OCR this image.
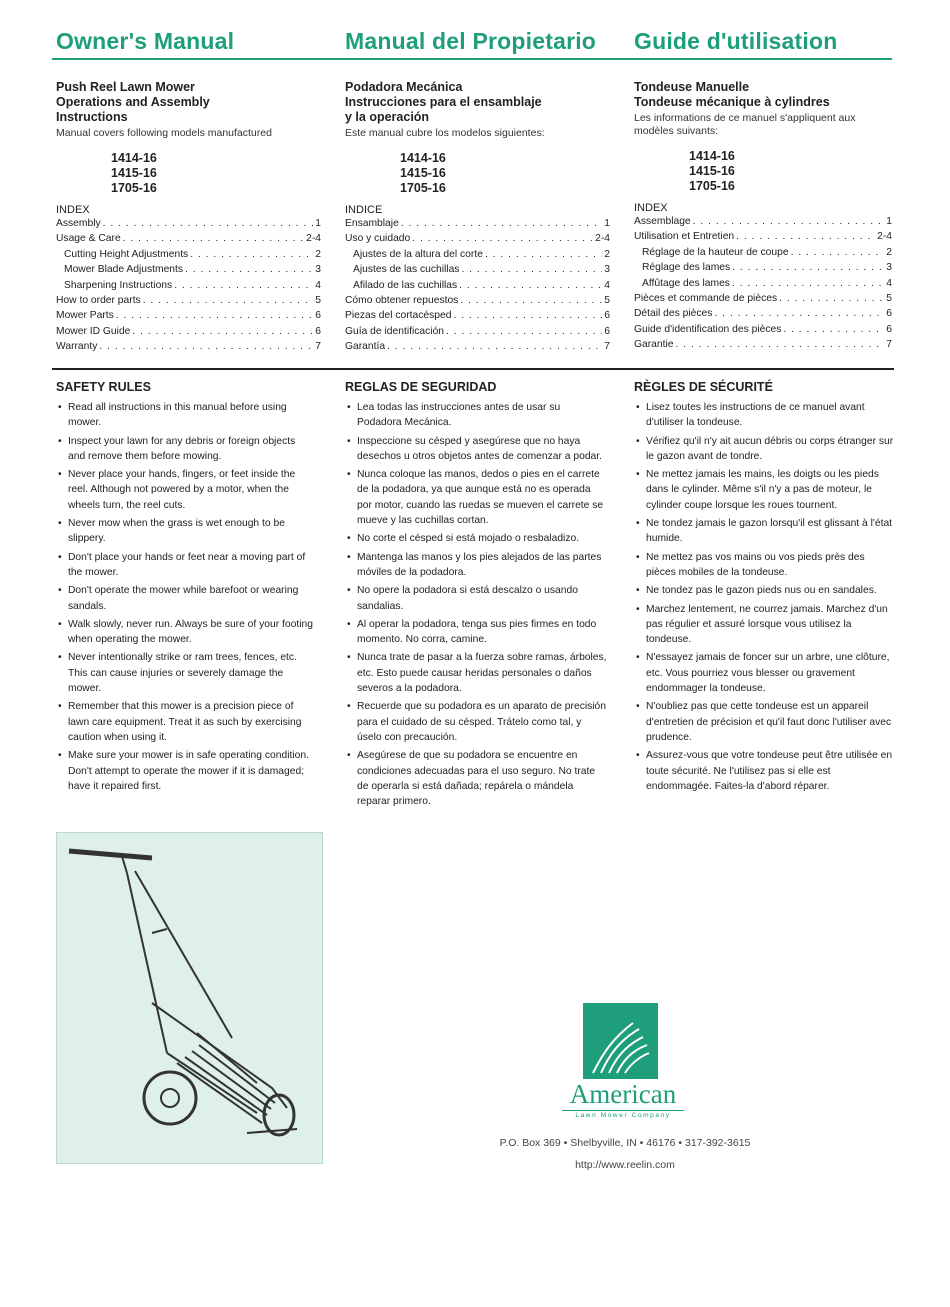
Owner's Manual	Manual del Propietario Guide d'utilisation
Push Reel Lawn Mower
Operations and Assembly
Instructions
Manual covers following models manufactured
1414-16
1415-16
1705-16
INDEX
Assembly . . .	1
Usage & Care . . .	2-4
Cutting Height Adjustments . . .	2
Mower Blade Adjustments . . .	3
Sharpening Instructions . . .	4
How to order parts . . .	5
Mower Parts . . .	6
Mower ID Guide . . .	6
Warranty . . .	7
Podadora Mecánica
Instrucciones para el ensamblaje
y la operación
Este manual cubre los modelos siguientes:
1414-16
1415-16
1705-16
INDICE
Ensamblaje . . .	1
Uso y cuidado . . .	2-4
Ajustes de la altura del corte . . .	2
Ajustes de las cuchillas . . .	3
Afilado de las cuchillas . . .	4
Cómo obtener repuestos . . .	5
Piezas del cortacésped . . .	6
Guía de identificación . . .	6
Garantía . . .	7
Tondeuse Manuelle
Tondeuse mécanique à cylindres
Les informations de ce manuel s'appliquent aux modèles suivants:
1414-16
1415-16
1705-16
INDEX
Assemblage . . .	1
Utilisation et Entretien . . .	2-4
Réglage de la hauteur de coupe . . .	2
Réglage des lames . . .	3
Affûtage des lames . . .	4
Pièces et commande de pièces . . .	5
Détail des pièces . . .	6
Guide d'identification des pièces . . .	6
Garantie . . .	7
SAFETY RULES
• Read all instructions in this manual before using mower.
• Inspect your lawn for any debris or foreign objects and remove them before mowing.
• Never place your hands, fingers, or feet inside the reel. Although not powered by a motor, when the wheels turn, the reel cuts.
• Never mow when the grass is wet enough to be slippery.
• Don't place your hands or feet near a moving part of the mower.
• Don't operate the mower while barefoot or wearing sandals.
• Walk slowly, never run. Always be sure of your footing when operating the mower.
• Never intentionally strike or ram trees, fences, etc. This can cause injuries or severely damage the mower.
• Remember that this mower is a precision piece of lawn care equipment. Treat it as such by exercising caution when using it.
• Make sure your mower is in safe operating condition. Don't attempt to operate the mower if it is damaged; have it repaired first.
REGLAS DE SEGURIDAD
• Lea todas las instrucciones antes de usar su Podadora Mecánica.
• Inspeccione su césped y asegúrese que no haya desechos u otros objetos antes de comenzar a podar.
• Nunca coloque las manos, dedos o pies en el carrete de la podadora, ya que aunque está no es operada por motor, cuando las ruedas se mueven el carrete se mueve y las cuchillas cortan.
• No corte el césped si está mojado o resbaladizo.
• Mantenga las manos y los pies alejados de las partes móviles de la podadora.
• No opere la podadora si está descalzo o usando sandalias.
• Al operar la podadora, tenga sus pies firmes en todo momento. No corra, camine.
• Nunca trate de pasar a la fuerza sobre ramas, árboles, etc. Esto puede causar heridas personales o daños severos a la podadora.
• Recuerde que su podadora es un aparato de precisión para el cuidado de su césped. Trátelo como tal, y úselo con precaución.
• Asegúrese de que su podadora se encuentre en condiciones adecuadas para el uso seguro. No trate de operarla si está dañada; repárela o mándela reparar primero.
RÈGLES DE SÉCURITÉ
• Lisez toutes les instructions de ce manuel avant d'utiliser la tondeuse.
• Vérifiez qu'il n'y ait aucun débris ou corps étranger sur le gazon avant de tondre.
• Ne mettez jamais les mains, les doigts ou les pieds dans le cylinder. Même s'il n'y a pas de moteur, le cylinder coupe lorsque les roues tournent.
• Ne tondez jamais le gazon lorsqu'il est glissant à l'état humide.
• Ne mettez pas vos mains ou vos pieds près des pièces mobiles de la tondeuse.
• Ne tondez pas le gazon pieds nus ou en sandales.
• Marchez lentement, ne courrez jamais. Marchez d'un pas régulier et assuré lorsque vous utilisez la tondeuse.
• N'essayez jamais de foncer sur un arbre, une clôture, etc. Vous pourriez vous blesser ou gravement endommager la tondeuse.
• N'oubliez pas que cette tondeuse est un appareil d'entretien de précision et qu'il faut donc l'utiliser avec prudence.
• Assurez-vous que votre tondeuse peut être utilisée en toute sécurité. Ne l'utilisez pas si elle est endommagée. Faites-la d'abord réparer.
American
Lawn Mower Company
P.O. Box 369 • Shelbyville, IN • 46176 • 317-392-3615
http://www.reelin.com
